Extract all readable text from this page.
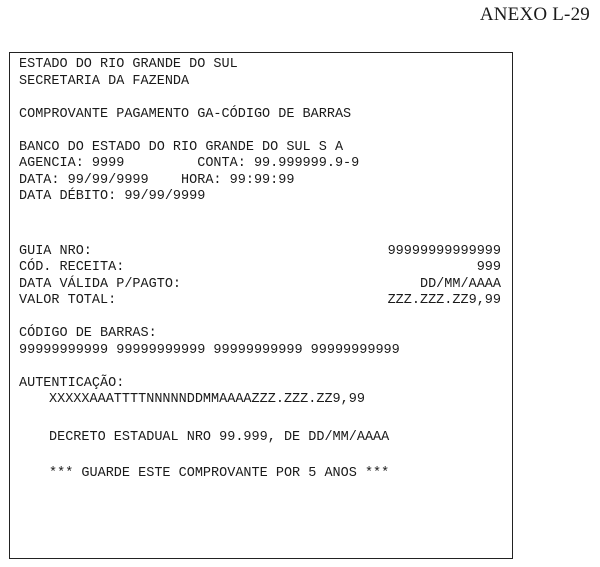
ANEXO L-29
ESTADO DO RIO GRANDE DO SUL
SECRETARIA DA FAZENDA
COMPROVANTE PAGAMENTO GA-CÓDIGO DE BARRAS
BANCO DO ESTADO DO RIO GRANDE DO SUL S A
AGENCIA: 9999         CONTA: 99.999999.9-9
DATA: 99/99/9999    HORA: 99:99:99
DATA DÉBITO: 99/99/9999
GUIA NRO:	99999999999999
CÓD. RECEITA:	999
DATA VÁLIDA P/PAGTO:	DD/MM/AAAA
VALOR TOTAL:	ZZZ.ZZZ.ZZ9,99
CÓDIGO DE BARRAS:
99999999999 99999999999 99999999999 99999999999
AUTENTICAÇÃO:
XXXXXAAATTTTNNNNNDDMMAAAAZZZ.ZZZ.ZZ9,99
DECRETO ESTADUAL NRO 99.999, DE DD/MM/AAAA
*** GUARDE ESTE COMPROVANTE POR 5 ANOS ***
